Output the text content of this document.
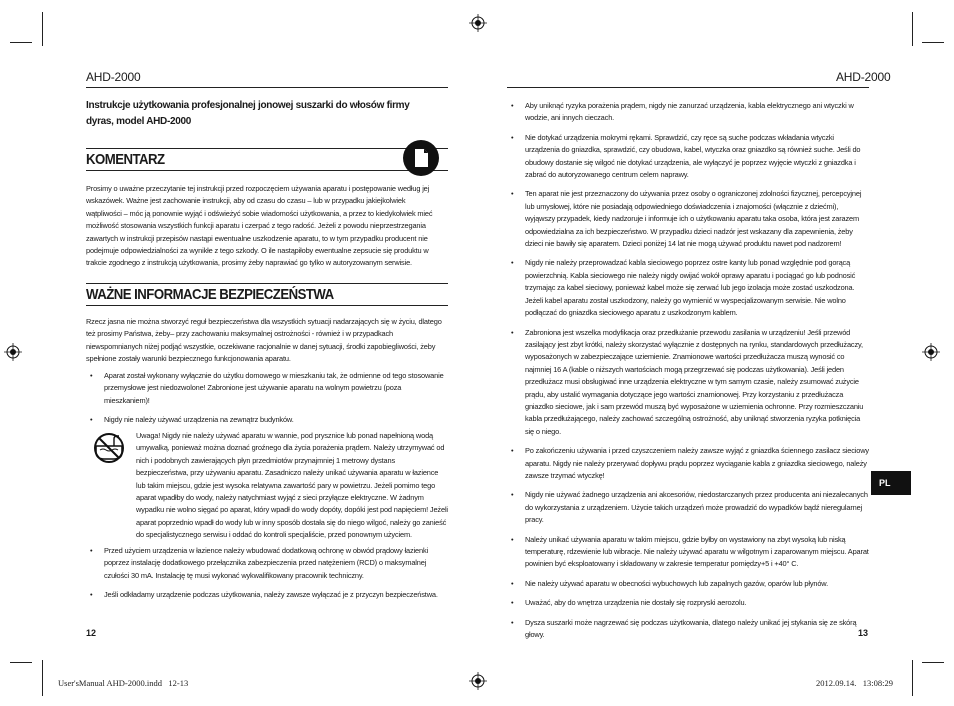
AHD-2000	AHD-2000
Instrukcje użytkowania profesjonalnej jonowej suszarki do włosów firmy dyras, model AHD-2000
KOMENTARZ
Prosimy o uważne przeczytanie tej instrukcji przed rozpoczęciem używania aparatu i postępowanie według jej wskazówek. Ważne jest zachowanie instrukcji, aby od czasu do czasu – lub w przypadku jakiejkolwiek wątpliwości – móc ją ponownie wyjąć i odświeżyć sobie wiadomości użytkowania, a przez to kiedykolwiek mieć możliwość stosowania wszystkich funkcji aparatu i czerpać z tego radość. Jeżeli z powodu nieprzestrzegania zawartych w instrukcji przepisów nastąpi ewentualne uszkodzenie aparatu, to w tym przypadku producent nie podejmuje odpowiedzialności za wynikłe z tego szkody. O ile nastąpiłoby ewentualne zepsucie się produktu w trakcie zgodnego z instrukcją użytkowania, prosimy żeby naprawiać go tylko w autoryzowanym serwisie.
WAŻNE INFORMACJE BEZPIECZEŃSTWA
Rzecz jasna nie można stworzyć reguł bezpieczeństwa dla wszystkich sytuacji nadarzających się w życiu, dlatego też prosimy Państwa, żeby– przy zachowaniu maksymalnej ostrożności - również i w przypadkach niewspomnianych niżej podjąć wszystkie, oczekiwane racjonalnie w danej sytuacji, środki zapobiegliwości, żeby spełnione zostały warunki bezpiecznego funkcjonowania aparatu.
• Aparat został wykonany wyłącznie do użytku domowego w mieszkaniu tak, że odmienne od tego stosowanie przemysłowe jest niedozwolone! Zabronione jest używanie aparatu na wolnym powietrzu (poza mieszkaniem)!
• Nigdy nie należy używać urządzenia na zewnątrz budynków.
Uwaga! Nigdy nie należy używać aparatu w wannie, pod prysznice lub ponad napełnioną wodą umywalką, ponieważ można doznać groźnego dla życia porażenia prądem. Należy utrzymywać od nich i podobnych zawierających płyn przedmiotów przynajmniej 1 metrowy dystans bezpieczeństwa, przy używaniu aparatu. Zasadniczo należy unikać używania aparatu w łazience lub takim miejscu, gdzie jest wysoka relatywna zawartość pary w powietrzu. Jeżeli pomimo tego aparat wpadłby do wody, należy natychmiast wyjąć z sieci przyłącze elektryczne. W żadnym wypadku nie wolno sięgać po aparat, który wpadł do wody dopóty, dopóki jest pod napięciem! Jeżeli aparat poprzednio wpadł do wody lub w inny sposób dostała się do niego wilgoć, należy go zanieść do specjalistycznego serwisu i oddać do kontroli specjaliście, przed ponownym użyciem.
• Przed użyciem urządzenia w łazience należy wbudować dodatkową ochronę w obwód prądowy łazienki poprzez instalację dodatkowego przełącznika zabezpieczenia przed natężeniem (RCD) o maksymalnej czułości 30 mA. Instalację tę musi wykonać wykwalifikowany pracownik techniczny.
• Jeśli odkładamy urządzenie podczas użytkowania, należy zawsze wyłączać je z przyczyn bezpieczeństwa.
12
• Aby uniknąć ryzyka porażenia prądem, nigdy nie zanurzać urządzenia, kabla elektrycznego ani wtyczki w wodzie, ani innych cieczach.
• Nie dotykać urządzenia mokrymi rękami. Sprawdzić, czy ręce są suche podczas wkładania wtyczki urządzenia do gniazdka, sprawdzić, czy obudowa, kabel, wtyczka oraz gniazdko są również suche. Jeśli do obudowy dostanie się wilgoć nie dotykać urządzenia, ale wyłączyć je poprzez wyjęcie wtyczki z gniazdka i zabrać do autoryzowanego centrum celem naprawy.
• Ten aparat nie jest przeznaczony do używania przez osoby o ograniczonej zdolności fizycznej, percepcyjnej lub umysłowej, które nie posiadają odpowiedniego doświadczenia i znajomości (włącznie z dziećmi), wyjąwszy przypadek, kiedy nadzoruje i informuje ich o użytkowaniu aparatu taka osoba, która jest zarazem odpowiedzialna za ich bezpieczeństwo. W przypadku dzieci nadzór jest wskazany dla zapewnienia, żeby dzieci nie bawiły się aparatem. Dzieci poniżej 14 lat nie mogą używać produktu nawet pod nadzorem!
• Nigdy nie należy przeprowadzać kabla sieciowego poprzez ostre kanty lub ponad względnie pod gorącą powierzchnią. Kabla sieciowego nie należy nigdy owijać wokół oprawy aparatu i pociągać go lub podnosić trzymając za kabel sieciowy, ponieważ kabel może się zerwać lub jego izolacja może zostać uszkodzona. Jeżeli kabel aparatu został uszkodzony, należy go wymienić w wyspecjalizowanym serwisie. Nie wolno podłączać do gniazdka sieciowego aparatu z uszkodzonym kablem.
• Zabroniona jest wszelka modyfikacja oraz przedłużanie przewodu zasilania w urządzeniu! Jeśli przewód zasilający jest zbyt krótki, należy skorzystać wyłącznie z dostępnych na rynku, standardowych przedłużaczy, wyposażonych w zabezpieczające uziemienie. Znamionowe wartości przedłużacza muszą wynosić co najmniej 16 A (kable o niższych wartościach mogą przegrzewać się podczas użytkowania). Jeśli jeden przedłużacz musi obsługiwać inne urządzenia elektryczne w tym samym czasie, należy zsumować zużycie prądu, aby ustalić wymagania dotyczące jego wartości znamionowej. Przy korzystaniu z przedłużacza gniazdko sieciowe, jak i sam przewód muszą być wyposażone w uziemienia ochronne. Przy rozmieszczaniu kabla przedłużającego, należy zachować szczególną ostrożność, aby uniknąć stworzenia ryzyka potknięcia się o niego.
• Po zakończeniu używania i przed czyszczeniem należy zawsze wyjąć z gniazdka ściennego zasilacz sieciowy aparatu. Nigdy nie należy przerywać dopływu prądu poprzez wyciąganie kabla z gniazdka sieciowego, należy zawsze trzymać wtyczkę!
• Nigdy nie używać żadnego urządzenia ani akcesoriów, niedostarczanych przez producenta ani niezalecanych do wykorzystania z urządzeniem. Użycie takich urządzeń może prowadzić do wypadków bądź nieregularnej pracy.
• Należy unikać używania aparatu w takim miejscu, gdzie byłby on wystawiony na zbyt wysoką lub niską temperaturę, rdzewienie lub wibracje. Nie należy używać aparatu w wilgotnym i zaparowanym miejscu. Aparat powinien być eksploatowany i składowany w zakresie temperatur pomiędzy+5 i +40° C.
• Nie należy używać aparatu w obecności wybuchowych lub zapalnych gazów, oparów lub płynów.
• Uważać, aby do wnętrza urządzenia nie dostały się rozpryski aerozolu.
• Dysza suszarki może nagrzewać się podczas użytkowania, dlatego należy unikać jej stykania się ze skórą głowy.
PL
13
User'sManual AHD-2000.indd   12-13	2012.09.14.   13:08:29
